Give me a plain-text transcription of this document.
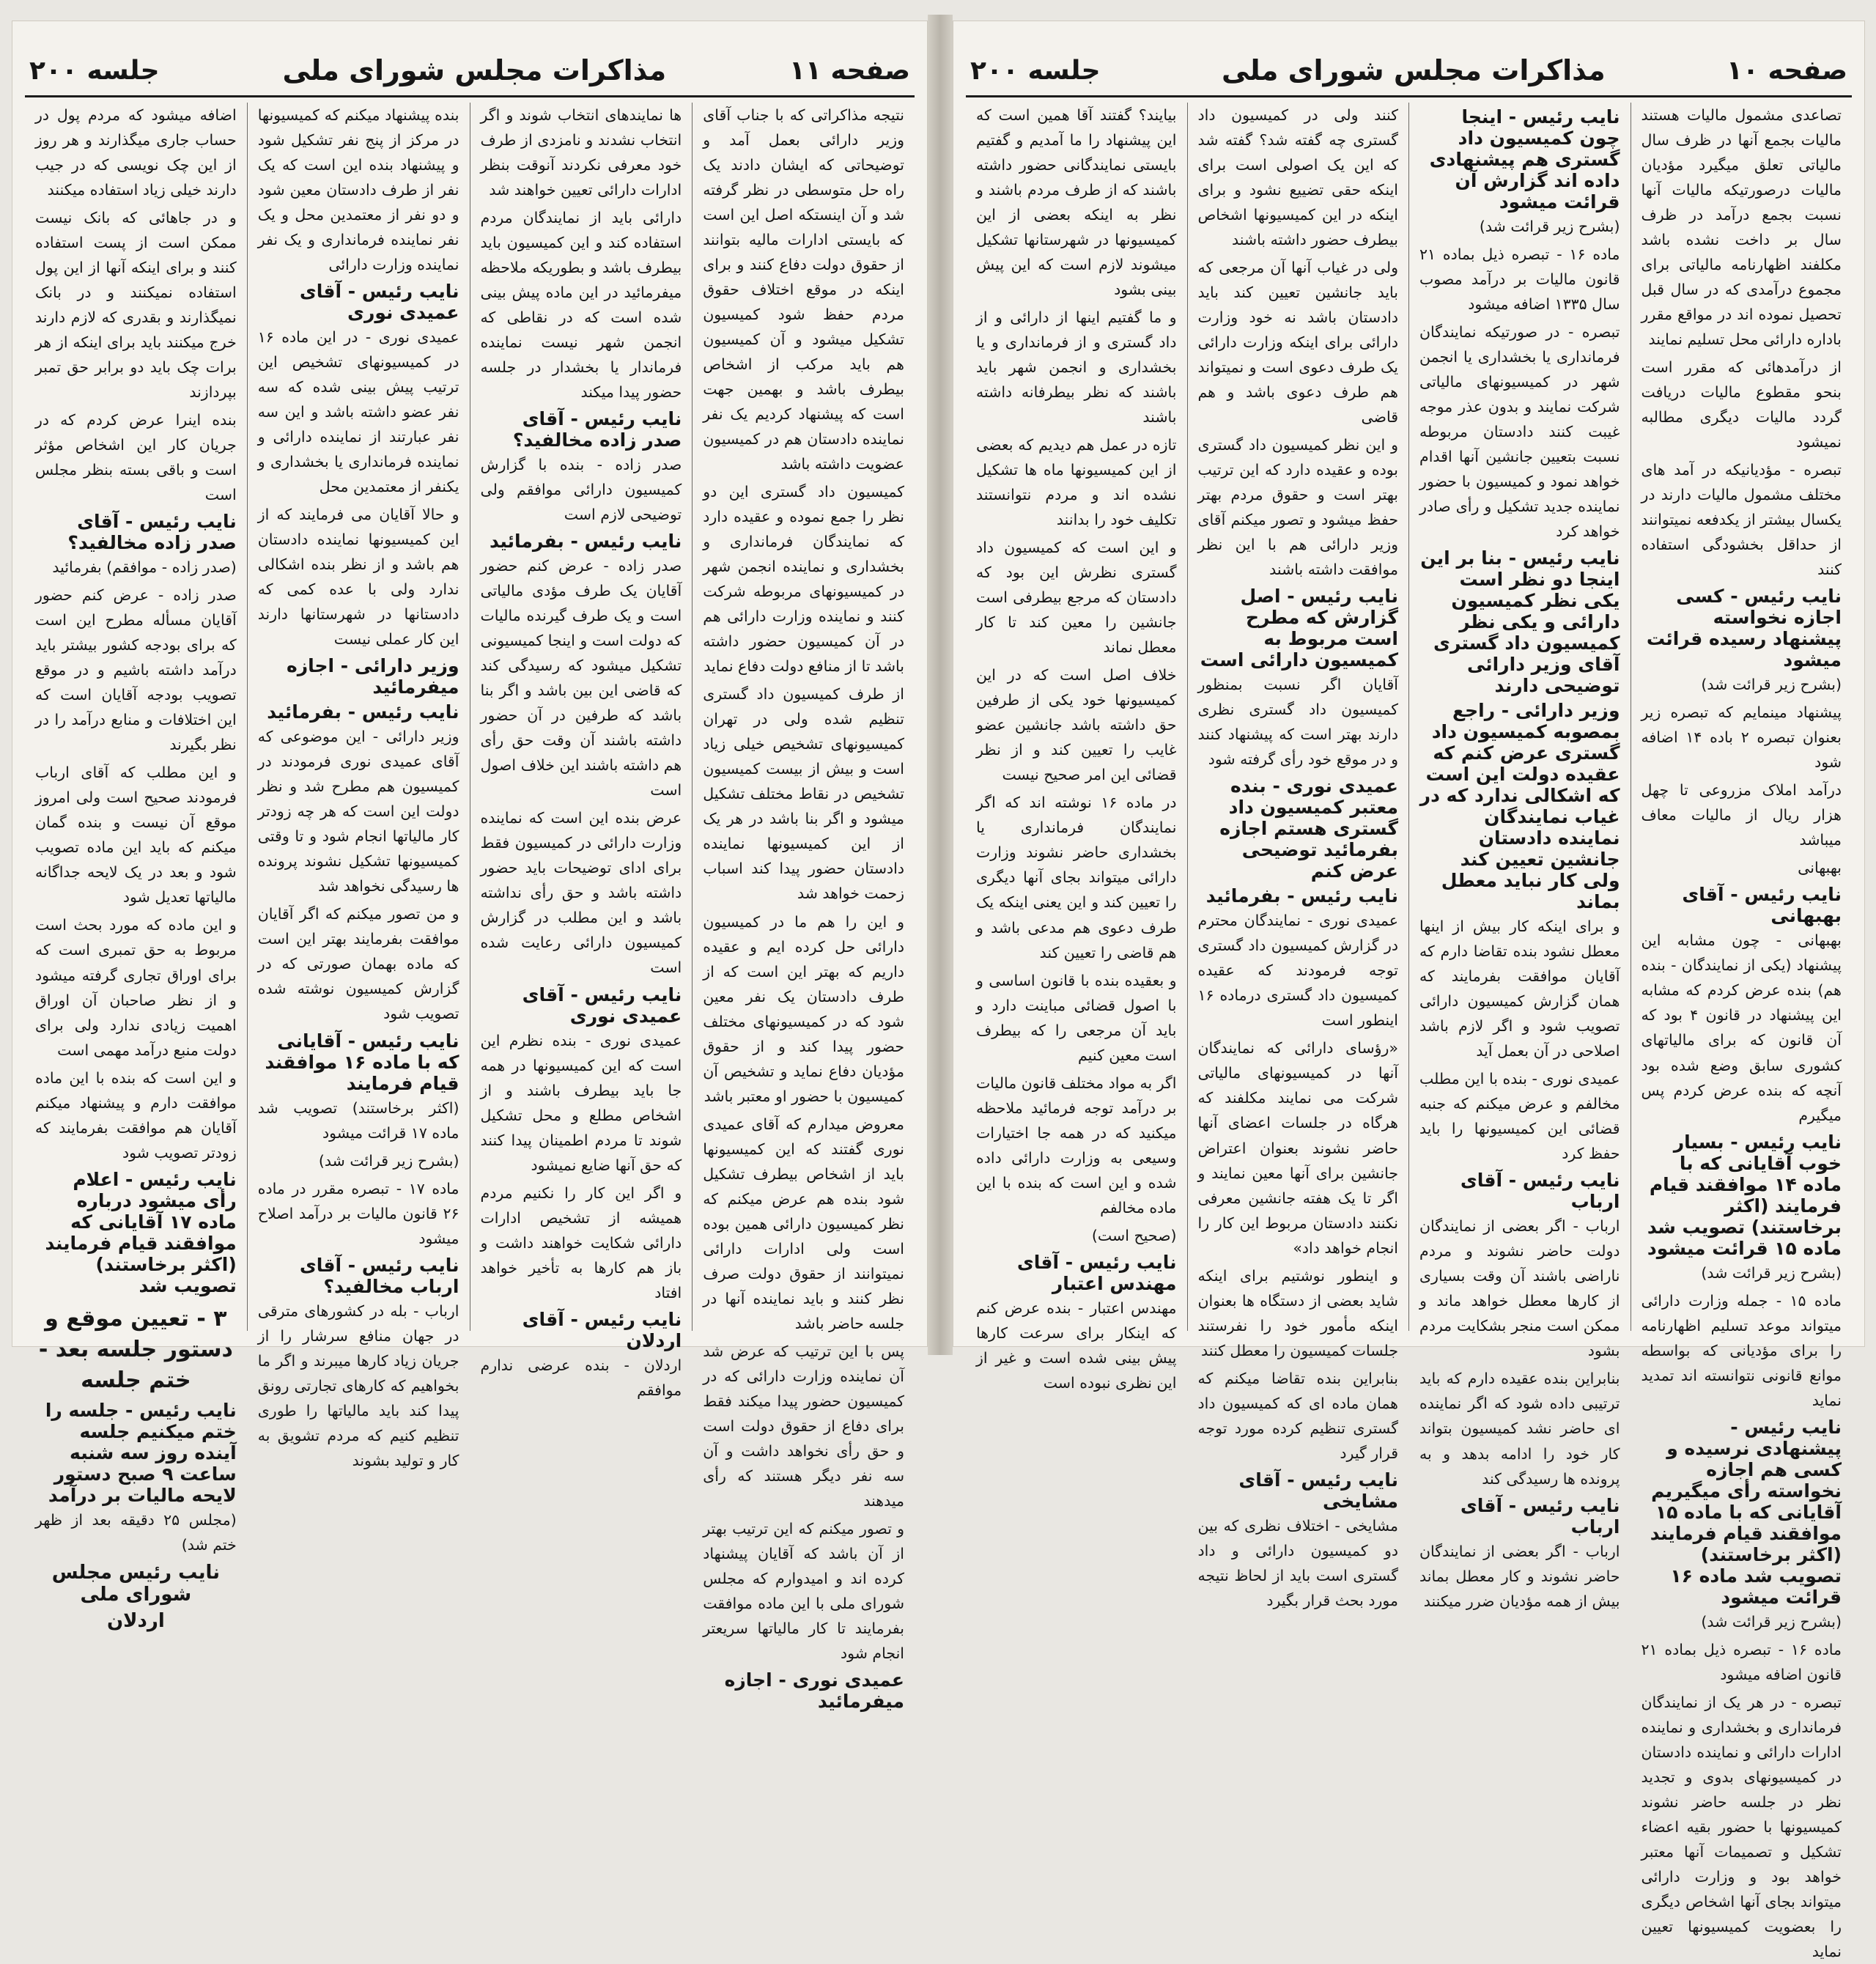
صفحه ۱۱
مذاکرات مجلس شورای ملی
جلسه ۲۰۰

نتیجه مذاکراتی که با جناب آقای وزیر دارائی بعمل آمد و توضیحاتی که ایشان دادند یک راه حل متوسطی در نظر گرفته شد و آن اینستکه اصل این است که بایستی ادارات مالیه بتوانند از حقوق دولت دفاع کنند و برای اینکه در موقع اختلاف حقوق مردم حفظ شود کمیسیون تشکیل میشود و آن کمیسیون هم باید مرکب از اشخاص بیطرف باشد و بهمین جهت است که پیشنهاد کردیم یک نفر نماینده دادستان هم در کمیسیون عضویت داشته باشد

کمیسیون داد گستری این دو نظر را جمع نموده و عقیده دارد که نمایندگان فرمانداری و بخشداری و نماینده انجمن شهر در کمیسیونهای مربوطه شرکت کنند و نماینده وزارت دارائی هم در آن کمیسیون حضور داشته باشد تا از منافع دولت دفاع نماید

از طرف کمیسیون داد گستری تنظیم شده ولی در تهران کمیسیونهای تشخیص خیلی زیاد است و بیش از بیست کمیسیون تشخیص در نقاط مختلف تشکیل میشود و اگر بنا باشد در هر یک از این کمیسیونها نماینده دادستان حضور پیدا کند اسباب زحمت خواهد شد

و این را هم ما در کمیسیون دارائی حل کرده ایم و عقیده داریم که بهتر این است که از طرف دادستان یک نفر معین شود که در کمیسیونهای مختلف حضور پیدا کند و از حقوق مؤدیان دفاع نماید و تشخیص آن کمیسیون با حضور او معتبر باشد

معروض میدارم که آقای عمیدی نوری گفتند که این کمیسیونها باید از اشخاص بیطرف تشکیل شود بنده هم عرض میکنم که نظر کمیسیون دارائی همین بوده است ولی ادارات دارائی نمیتوانند از حقوق دولت صرف نظر کنند و باید نماینده آنها در جلسه حاضر باشد

پس با این ترتیب که عرض شد آن نماینده وزارت دارائی که در کمیسیون حضور پیدا میکند فقط برای دفاع از حقوق دولت است و حق رأی نخواهد داشت و آن سه نفر دیگر هستند که رأی میدهند

و تصور میکنم که این ترتیب بهتر از آن باشد که آقایان پیشنهاد کرده اند و امیدوارم که مجلس شورای ملی با این ماده موافقت بفرمایند تا کار مالیاتها سریعتر انجام شود

عمیدی نوری - اجازه میفرمائید

ها نمایندهای انتخاب شوند و اگر انتخاب نشدند و نامزدی از طرف خود معرفی نکردند آنوقت بنظر ادارات دارائی تعیین خواهند شد

دارائی باید از نمایندگان مردم استفاده کند و این کمیسیون باید بیطرف باشد و بطوریکه ملاحظه میفرمائید در این ماده پیش بینی شده است که در نقاطی که انجمن شهر نیست نماینده فرماندار یا بخشدار در جلسه حضور پیدا میکند

نایب رئیس - آقای صدر زاده مخالفید؟

صدر زاده - بنده با گزارش کمیسیون دارائی موافقم ولی توضیحی لازم است

نایب رئیس - بفرمائید

صدر زاده - عرض کنم حضور آقایان یک طرف مؤدی مالیاتی است و یک طرف گیرنده مالیات که دولت است و اینجا کمیسیونی تشکیل میشود که رسیدگی کند که قاضی این بین باشد و اگر بنا باشد که طرفین در آن حضور داشته باشند آن وقت حق رأی هم داشته باشند این خلاف اصول است

عرض بنده این است که نماینده وزارت دارائی در کمیسیون فقط برای ادای توضیحات باید حضور داشته باشد و حق رأی نداشته باشد و این مطلب در گزارش کمیسیون دارائی رعایت شده است

نایب رئیس - آقای عمیدی نوری

عمیدی نوری - بنده نظرم این است که این کمیسیونها در همه جا باید بیطرف باشند و از اشخاص مطلع و محل تشکیل شوند تا مردم اطمینان پیدا کنند که حق آنها ضایع نمیشود

و اگر این کار را نکنیم مردم همیشه از تشخیص ادارات دارائی شکایت خواهند داشت و باز هم کارها به تأخیر خواهد افتاد

نایب رئیس - آقای اردلان

اردلان - بنده عرضی ندارم موافقم

بنده پیشنهاد میکنم که کمیسیونها در مرکز از پنج نفر تشکیل شود و پیشنهاد بنده این است که یک نفر از طرف دادستان معین شود و دو نفر از معتمدین محل و یک نفر نماینده فرمانداری و یک نفر نماینده وزارت دارائی

نایب رئیس - آقای عمیدی نوری

عمیدی نوری - در این ماده ۱۶ در کمیسیونهای تشخیص این ترتیب پیش بینی شده که سه نفر عضو داشته باشد و این سه نفر عبارتند از نماینده دارائی و نماینده فرمانداری یا بخشداری و یکنفر از معتمدین محل

و حالا آقایان می فرمایند که از این کمیسیونها نماینده دادستان هم باشد و از نظر بنده اشکالی ندارد ولی با عده کمی که دادستانها در شهرستانها دارند این کار عملی نیست

وزیر دارائی - اجازه میفرمائید
نایب رئیس - بفرمائید

وزیر دارائی - این موضوعی که آقای عمیدی نوری فرمودند در کمیسیون هم مطرح شد و نظر دولت این است که هر چه زودتر کار مالیاتها انجام شود و تا وقتی کمیسیونها تشکیل نشوند پرونده ها رسیدگی نخواهد شد

و من تصور میکنم که اگر آقایان موافقت بفرمایند بهتر این است که ماده بهمان صورتی که در گزارش کمیسیون نوشته شده تصویب شود

نایب رئیس - آقایانی که با ماده ۱۶ موافقند قیام فرمایند

(اکثر برخاستند) تصویب شد ماده ۱۷ قرائت میشود

(بشرح زیر قرائت شد)

ماده ۱۷ - تبصره مقرر در ماده ۲۶ قانون مالیات بر درآمد اصلاح میشود

نایب رئیس - آقای ارباب مخالفید؟

ارباب - بله در کشورهای مترقی در جهان منافع سرشار را از جریان زیاد کارها میبرند و اگر ما بخواهیم که کارهای تجارتی رونق پیدا کند باید مالیاتها را طوری تنظیم کنیم که مردم تشویق به کار و تولید بشوند

اضافه میشود که مردم پول در حساب جاری میگذارند و هر روز از این چک نویسی که در جیب دارند خیلی زیاد استفاده میکنند

و در جاهائی که بانک نیست ممکن است از پست استفاده کنند و برای اینکه آنها از این پول استفاده نمیکنند و در بانک نمیگذارند و بقدری که لازم دارند خرج میکنند باید برای اینکه از هر برات چک باید دو برابر حق تمبر بپردازند

بنده اینرا عرض کردم که در جریان کار این اشخاص مؤثر است و باقی بسته بنظر مجلس است

نایب رئیس - آقای صدر زاده مخالفید؟

(صدر زاده - موافقم) بفرمائید

صدر زاده - عرض کنم حضور آقایان مسأله مطرح این است که برای بودجه کشور بیشتر باید درآمد داشته باشیم و در موقع تصویب بودجه آقایان است که این اختلافات و منابع درآمد را در نظر بگیرند

و این مطلب که آقای ارباب فرمودند صحیح است ولی امروز موقع آن نیست و بنده گمان میکنم که باید این ماده تصویب شود و بعد در یک لایحه جداگانه مالیاتها تعدیل شود

و این ماده که مورد بحث است مربوط به حق تمبری است که برای اوراق تجاری گرفته میشود و از نظر صاحبان آن اوراق اهمیت زیادی ندارد ولی برای دولت منبع درآمد مهمی است

و این است که بنده با این ماده موافقت دارم و پیشنهاد میکنم آقایان هم موافقت بفرمایند که زودتر تصویب شود

نایب رئیس - اعلام رأی میشود درباره ماده ۱۷ آقایانی که موافقند قیام فرمایند (اکثر برخاستند) تصویب شد

۳ - تعیین موقع و دستور جلسه بعد - ختم جلسه

نایب رئیس - جلسه را ختم میکنیم جلسه آینده روز سه شنبه ساعت ۹ صبح دستور لایحه مالیات بر درآمد

(مجلس ۲۵ دقیقه بعد از ظهر ختم شد)

نایب رئیس مجلس شورای ملی
اردلان
صفحه ۱۰
مذاکرات مجلس شورای ملی
جلسه ۲۰۰

تصاعدی مشمول مالیات هستند مالیات بجمع آنها در ظرف سال مالیاتی تعلق میگیرد مؤدیان مالیات درصورتیکه مالیات آنها نسبت بجمع درآمد در ظرف سال بر داخت نشده باشد مکلفند اظهارنامه مالیاتی برای مجموع درآمدی که در سال قبل تحصیل نموده اند در مواقع مقرر باداره دارائی محل تسلیم نمایند

از درآمدهائی که مقرر است بنحو مقطوع مالیات دریافت گردد مالیات دیگری مطالبه نمیشود

تبصره - مؤدیانیکه در آمد های مختلف مشمول مالیات دارند در یکسال بیشتر از یکدفعه نمیتوانند از حداقل بخشودگی استفاده کنند

نایب رئیس - کسی اجازه نخواسته پیشنهاد رسیده قرائت میشود

(بشرح زیر قرائت شد)

پیشنهاد مینمایم که تبصره زیر بعنوان تبصره ۲ باده ۱۴ اضافه شود

درآمد املاک مزروعی تا چهل هزار ریال از مالیات معاف میباشد

بهبهانی

نایب رئیس - آقای بهبهانی

بهبهانی - چون مشابه این پیشنهاد (یکی از نمایندگان - بنده هم) بنده عرض کردم که مشابه این پیشنهاد در قانون ۴ بود که آن قانون که برای مالیاتهای کشوری سابق وضع شده بود آنچه که بنده عرض کردم پس میگیرم

نایب رئیس - بسیار خوب آقایانی که با ماده ۱۴ موافقند قیام فرمایند (اکثر برخاستند) تصویب شد ماده ۱۵ قرائت میشود

(بشرح زیر قرائت شد)

ماده ۱۵ - جمله وزارت دارائی میتواند موعد تسلیم اظهارنامه را برای مؤدیانی که بواسطه موانع قانونی نتوانسته اند تمدید نماید

نایب رئیس - پیشنهادی نرسیده و کسی هم اجازه نخواسته رأی میگیریم آقایانی که با ماده ۱۵ موافقند قیام فرمایند (اکثر برخاستند) تصویب شد ماده ۱۶ قرائت میشود

(بشرح زیر قرائت شد)

ماده ۱۶ - تبصره ذیل بماده ۲۱ قانون اضافه میشود

تبصره - در هر یک از نمایندگان فرمانداری و بخشداری و نماینده ادارات دارائی و نماینده دادستان در کمیسیونهای بدوی و تجدید نظر در جلسه حاضر نشوند کمیسیونها با حضور بقیه اعضاء تشکیل و تصمیمات آنها معتبر خواهد بود و وزارت دارائی میتواند بجای آنها اشخاص دیگری را بعضویت کمیسیونها تعیین نماید

نایب رئیس - اینجا چون کمیسیون داد گستری هم پیشنهادی داده اند گزارش آن قرائت میشود

(بشرح زیر قرائت شد)

ماده ۱۶ - تبصره ذیل بماده ۲۱ قانون مالیات بر درآمد مصوب سال ۱۳۳۵ اضافه میشود

تبصره - در صورتیکه نمایندگان فرمانداری یا بخشداری یا انجمن شهر در کمیسیونهای مالیاتی شرکت نمایند و بدون عذر موجه غیبت کنند دادستان مربوطه نسبت بتعیین جانشین آنها اقدام خواهد نمود و کمیسیون با حضور نماینده جدید تشکیل و رأی صادر خواهد کرد

نایب رئیس - بنا بر این اینجا دو نظر است یکی نظر کمیسیون دارائی و یکی نظر کمیسیون داد گستری آقای وزیر دارائی توضیحی دارند
وزیر دارائی - راجع بمصوبه کمیسیون داد گستری عرض کنم که عقیده دولت این است که اشکالی ندارد که در غیاب نمایندگان نماینده دادستان جانشین تعیین کند ولی کار نباید معطل بماند

و برای اینکه کار بیش از اینها معطل نشود بنده تقاضا دارم که آقایان موافقت بفرمایند که همان گزارش کمیسیون دارائی تصویب شود و اگر لازم باشد اصلاحی در آن بعمل آید

عمیدی نوری - بنده با این مطلب مخالفم و عرض میکنم که جنبه قضائی این کمیسیونها را باید حفظ کرد

نایب رئیس - آقای ارباب

ارباب - اگر بعضی از نمایندگان دولت حاضر نشوند و مردم ناراضی باشند آن وقت بسیاری از کارها معطل خواهد ماند و ممکن است منجر بشکایت مردم بشود

بنابراین بنده عقیده دارم که باید ترتیبی داده شود که اگر نماینده ای حاضر نشد کمیسیون بتواند کار خود را ادامه بدهد و به پرونده ها رسیدگی کند

نایب رئیس - آقای ارباب

ارباب - اگر بعضی از نمایندگان حاضر نشوند و کار معطل بماند بیش از همه مؤدیان ضرر میکنند

کنند ولی در کمیسیون داد گستری چه گفته شد؟ گفته شد که این یک اصولی است برای اینکه حقی تضییع نشود و برای اینکه در این کمیسیونها اشخاص بیطرف حضور داشته باشند

ولی در غیاب آنها آن مرجعی که باید جانشین تعیین کند باید دادستان باشد نه خود وزارت دارائی برای اینکه وزارت دارائی یک طرف دعوی است و نمیتواند هم طرف دعوی باشد و هم قاضی

و این نظر کمیسیون داد گستری بوده و عقیده دارد که این ترتیب بهتر است و حقوق مردم بهتر حفظ میشود و تصور میکنم آقای وزیر دارائی هم با این نظر موافقت داشته باشند

نایب رئیس - اصل گزارش که مطرح است مربوط به کمیسیون دارائی است

آقایان اگر نسبت بمنظور کمیسیون داد گستری نظری دارند بهتر است که پیشنهاد کنند و در موقع خود رأی گرفته شود

عمیدی نوری - بنده معتبر کمیسیون داد گستری هستم اجازه بفرمائید توضیحی عرض کنم
نایب رئیس - بفرمائید

عمیدی نوری - نمایندگان محترم در گزارش کمیسیون داد گستری توجه فرمودند که عقیده کمیسیون داد گستری درماده ۱۶ اینطور است

«رؤسای دارائی که نمایندگان آنها در کمیسیونهای مالیاتی شرکت می نمایند مکلفند که هرگاه در جلسات اعضای آنها حاضر نشوند بعنوان اعتراض جانشین برای آنها معین نمایند و اگر تا یک هفته جانشین معرفی نکنند دادستان مربوط این کار را انجام خواهد داد»

و اینطور نوشتیم برای اینکه شاید بعضی از دستگاه ها بعنوان اینکه مأمور خود را نفرستند جلسات کمیسیون را معطل کنند

بنابراین بنده تقاضا میکنم که همان ماده ای که کمیسیون داد گستری تنظیم کرده مورد توجه قرار گیرد

نایب رئیس - آقای مشایخی

مشایخی - اختلاف نظری که بین دو کمیسیون دارائی و داد گستری است باید از لحاظ نتیجه مورد بحث قرار بگیرد

بیایند؟ گفتند آقا همین است که این پیشنهاد را ما آمدیم و گفتیم بایستی نمایندگانی حضور داشته باشند که از طرف مردم باشند و نظر به اینکه بعضی از این کمیسیونها در شهرستانها تشکیل میشوند لازم است که این پیش بینی بشود

و ما گفتیم اینها از دارائی و از داد گستری و از فرمانداری و یا بخشداری و انجمن شهر باید باشند که نظر بیطرفانه داشته باشند

تازه در عمل هم دیدیم که بعضی از این کمیسیونها ماه ها تشکیل نشده اند و مردم نتوانستند تکلیف خود را بدانند

و این است که کمیسیون داد گستری نظرش این بود که دادستان که مرجع بیطرفی است جانشین را معین کند تا کار معطل نماند

خلاف اصل است که در این کمیسیونها خود یکی از طرفین حق داشته باشد جانشین عضو غایب را تعیین کند و از نظر قضائی این امر صحیح نیست

در ماده ۱۶ نوشته اند که اگر نمایندگان فرمانداری یا بخشداری حاضر نشوند وزارت دارائی میتواند بجای آنها دیگری را تعیین کند و این یعنی اینکه یک طرف دعوی هم مدعی باشد و هم قاضی را تعیین کند

و بعقیده بنده با قانون اساسی و با اصول قضائی مباینت دارد و باید آن مرجعی را که بیطرف است معین کنیم

اگر به مواد مختلف قانون مالیات بر درآمد توجه فرمائید ملاحظه میکنید که در همه جا اختیارات وسیعی به وزارت دارائی داده شده و این است که بنده با این ماده مخالفم

(صحیح است)

نایب رئیس - آقای مهندس اعتبار

مهندس اعتبار - بنده عرض کنم که اینکار برای سرعت کارها پیش بینی شده است و غیر از این نظری نبوده است
